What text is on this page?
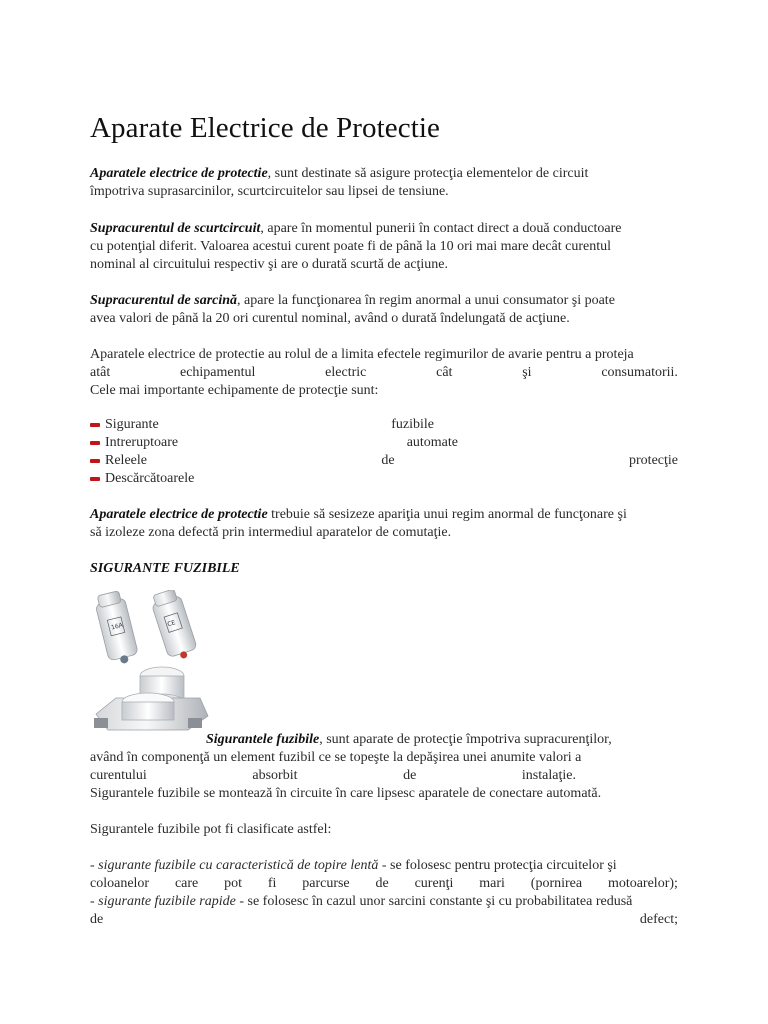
Aparate Electrice de Protectie

Aparatele electrice de protectie, sunt destinate să asigure protecţia elementelor de circuit

împotriva suprasarcinilor, scurtcircuitelor sau lipsei de tensiune.

Supracurentul de scurtcircuit, apare în momentul punerii în contact direct a două conductoare

cu potenţial diferit. Valoarea acestui curent poate fi de până la 10 ori mai mare decât curentul

nominal al circuitului respectiv şi are o durată scurtă de acţiune.

Supracurentul de sarcină, apare la funcţionarea în regim anormal a unui consumator şi poate

avea valori de până la 20 ori curentul nominal, având o durată îndelungată de acţiune.

Aparatele electrice de protectie au rolul de a limita efectele regimurilor de avarie pentru a proteja

atât	echipamentul	electric	cât	şi	consumatorii.

Cele mai importante echipamente de protecţie sunt:

Sigurante	fuzibile
Intreruptoare	automate
Releele	de	protecţie
Descărcătoarele

Aparatele electrice de protectie trebuie să sesizeze apariţia unui regim anormal de funcţonare şi

să izoleze zona defectă prin intermediul aparatelor de comutaţie.

SIGURANTE FUZIBILE

16A	CE

Sigurantele fuzibile, sunt aparate de protecţie împotriva supracurenţilor,

având în componenţă un element fuzibil ce se topeşte la depăşirea unei anumite valori a

curentului	absorbit	de	instalaţie.

Sigurantele fuzibile se montează în circuite în care lipsesc aparatele de conectare automată.

Sigurantele fuzibile pot fi clasificate astfel:

- sigurante fuzibile cu caracteristică de topire lentă - se folosesc pentru protecţia circuitelor şi

coloanelor care pot fi parcurse de curenţi mari (pornirea motoarelor);

- sigurante fuzibile rapide - se folosesc în cazul unor sarcini constante şi cu probabilitatea redusă

de	defect;
